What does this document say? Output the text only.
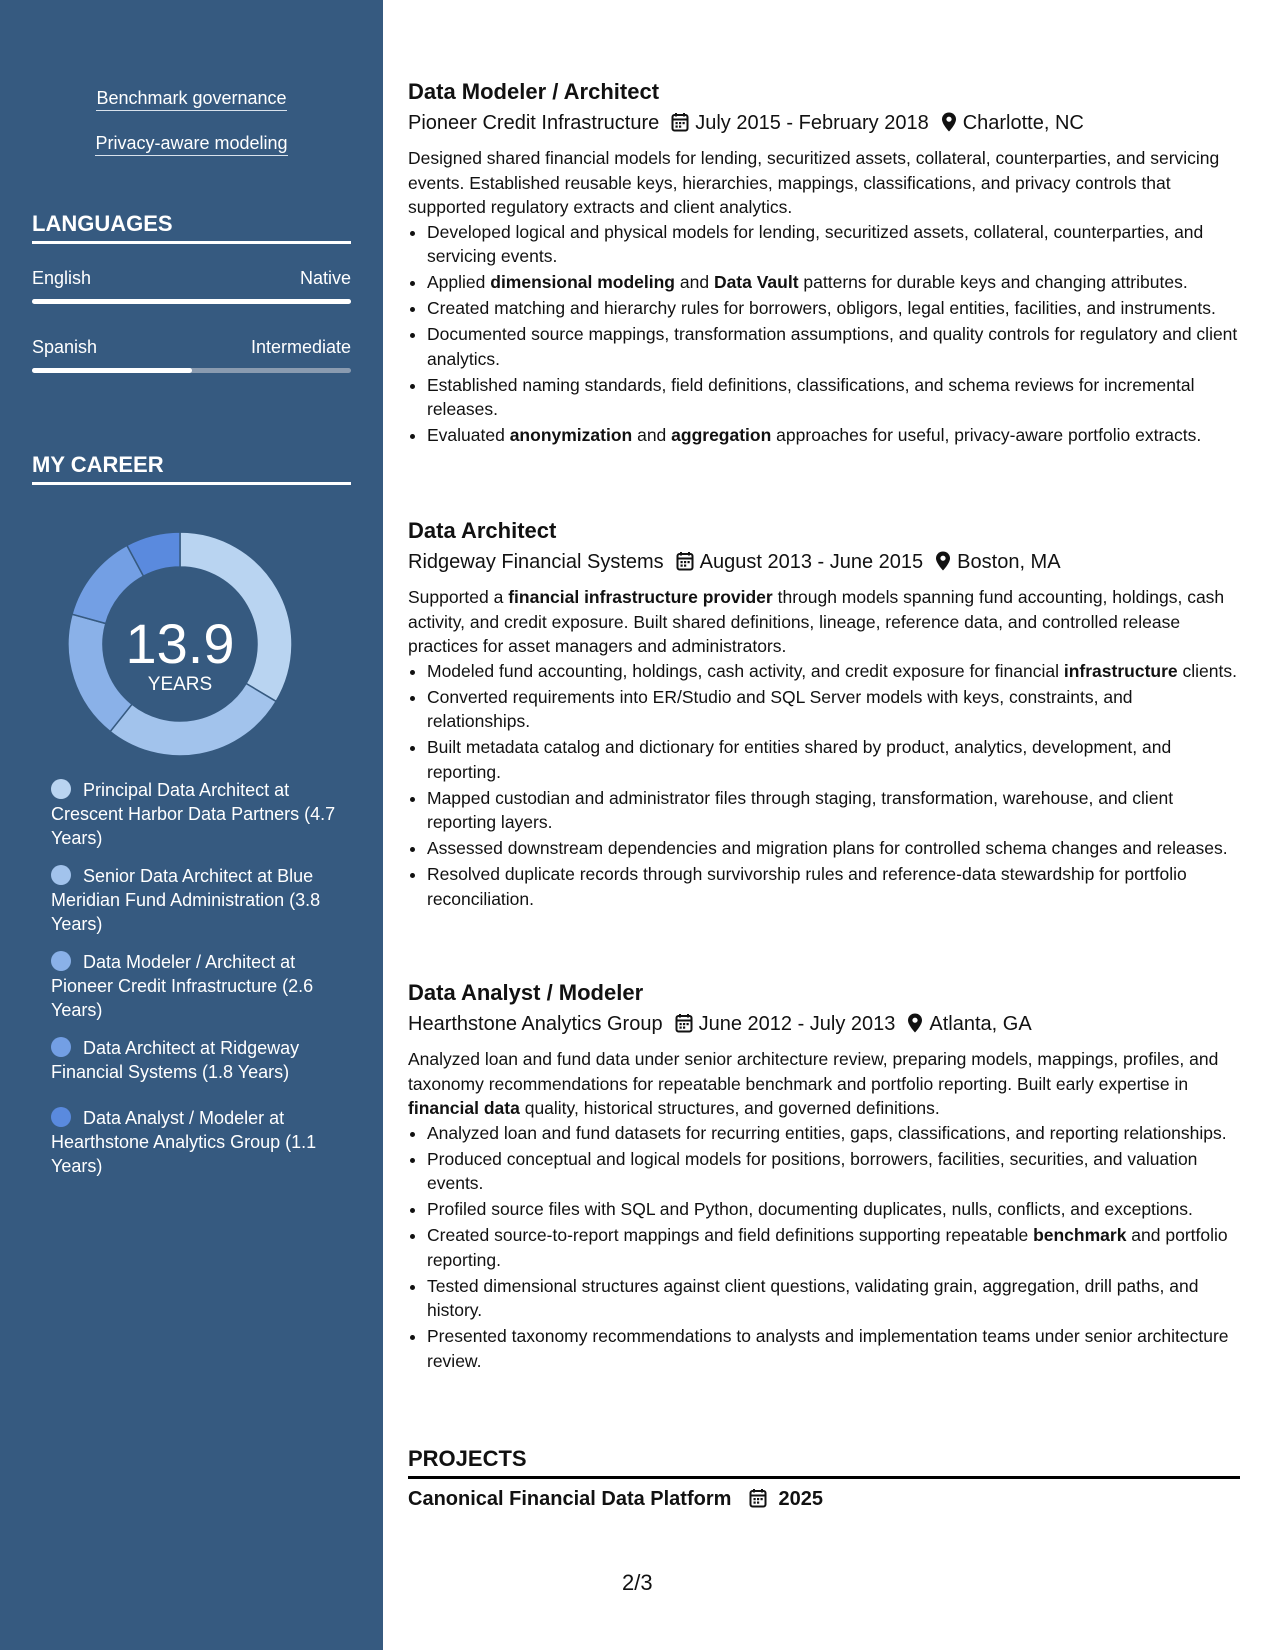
Benchmark governance
Privacy-aware modeling
LANGUAGES
English	Native
Spanish	Intermediate
MY CAREER
13.9
YEARS
Principal Data Architect at Crescent Harbor Data Partners (4.7 Years)
Senior Data Architect at Blue Meridian Fund Administration (3.8 Years)
Data Modeler / Architect at Pioneer Credit Infrastructure (2.6 Years)
Data Architect at Ridgeway Financial Systems (1.8 Years)
Data Analyst / Modeler at Hearthstone Analytics Group (1.1 Years)
Data Modeler / Architect
Pioneer Credit Infrastructure July 2015 - February 2018 Charlotte, NC
Designed shared financial models for lending, securitized assets, collateral, counterparties, and servicing events. Established reusable keys, hierarchies, mappings, classifications, and privacy controls that supported regulatory extracts and client analytics.
• Developed logical and physical models for lending, securitized assets, collateral, counterparties, and servicing events.
• Applied dimensional modeling and Data Vault patterns for durable keys and changing attributes.
• Created matching and hierarchy rules for borrowers, obligors, legal entities, facilities, and instruments.
• Documented source mappings, transformation assumptions, and quality controls for regulatory and client analytics.
• Established naming standards, field definitions, classifications, and schema reviews for incremental releases.
• Evaluated anonymization and aggregation approaches for useful, privacy-aware portfolio extracts.
Data Architect
Ridgeway Financial Systems August 2013 - June 2015 Boston, MA
Supported a financial infrastructure provider through models spanning fund accounting, holdings, cash activity, and credit exposure. Built shared definitions, lineage, reference data, and controlled release practices for asset managers and administrators.
• Modeled fund accounting, holdings, cash activity, and credit exposure for financial infrastructure clients.
• Converted requirements into ER/Studio and SQL Server models with keys, constraints, and relationships.
• Built metadata catalog and dictionary for entities shared by product, analytics, development, and reporting.
• Mapped custodian and administrator files through staging, transformation, warehouse, and client reporting layers.
• Assessed downstream dependencies and migration plans for controlled schema changes and releases.
• Resolved duplicate records through survivorship rules and reference-data stewardship for portfolio reconciliation.
Data Analyst / Modeler
Hearthstone Analytics Group June 2012 - July 2013 Atlanta, GA
Analyzed loan and fund data under senior architecture review, preparing models, mappings, profiles, and taxonomy recommendations for repeatable benchmark and portfolio reporting. Built early expertise in financial data quality, historical structures, and governed definitions.
• Analyzed loan and fund datasets for recurring entities, gaps, classifications, and reporting relationships.
• Produced conceptual and logical models for positions, borrowers, facilities, securities, and valuation events.
• Profiled source files with SQL and Python, documenting duplicates, nulls, conflicts, and exceptions.
• Created source-to-report mappings and field definitions supporting repeatable benchmark and portfolio reporting.
• Tested dimensional structures against client questions, validating grain, aggregation, drill paths, and history.
• Presented taxonomy recommendations to analysts and implementation teams under senior architecture review.
PROJECTS
Canonical Financial Data Platform 2025
2/3
